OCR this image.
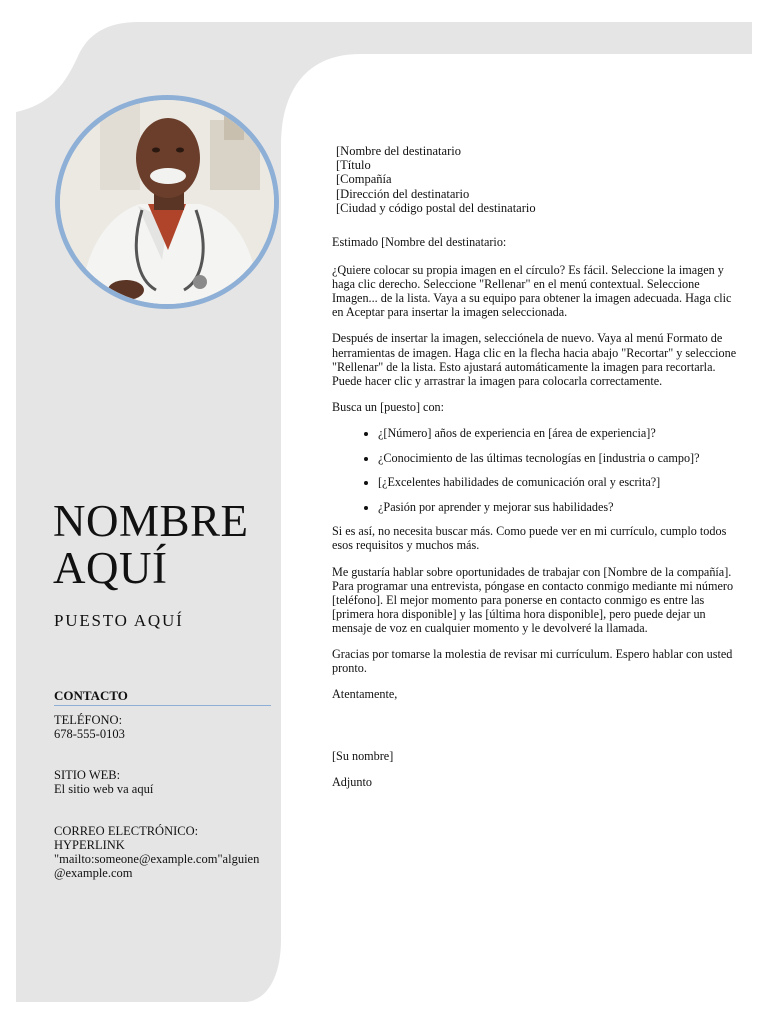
NOMBRE
AQUÍ
PUESTO AQUÍ
CONTACTO
TELÉFONO:
678-555-0103
SITIO WEB:
El sitio web va aquí
CORREO ELECTRÓNICO:
HYPERLINK
"mailto:someone@example.com"alguien
@example.com
[Nombre del destinatario
[Título
[Compañía
[Dirección del destinatario
[Ciudad y código postal del destinatario

Estimado [Nombre del destinatario:

¿Quiere colocar su propia imagen en el círculo? Es fácil. Seleccione la imagen y haga clic derecho. Seleccione "Rellenar" en el menú contextual. Seleccione Imagen... de la lista. Vaya a su equipo para obtener la imagen adecuada. Haga clic en Aceptar para insertar la imagen seleccionada.

Después de insertar la imagen, selecciónela de nuevo. Vaya al menú Formato de herramientas de imagen. Haga clic en la flecha hacia abajo "Recortar" y seleccione "Rellenar" de la lista. Esto ajustará automáticamente la imagen para recortarla. Puede hacer clic y arrastrar la imagen para colocarla correctamente.

Busca un [puesto] con:

• ¿[Número] años de experiencia en [área de experiencia]?
• ¿Conocimiento de las últimas tecnologías en [industria o campo]?
• [¿Excelentes habilidades de comunicación oral y escrita?]
• ¿Pasión por aprender y mejorar sus habilidades?

Si es así, no necesita buscar más. Como puede ver en mi currículo, cumplo todos esos requisitos y muchos más.

Me gustaría hablar sobre oportunidades de trabajar con [Nombre de la compañía]. Para programar una entrevista, póngase en contacto conmigo mediante mi número [teléfono]. El mejor momento para ponerse en contacto conmigo es entre las [primera hora disponible] y las [última hora disponible], pero puede dejar un mensaje de voz en cualquier momento y le devolveré la llamada.

Gracias por tomarse la molestia de revisar mi currículum. Espero hablar con usted pronto.

Atentamente,

[Su nombre]

Adjunto
